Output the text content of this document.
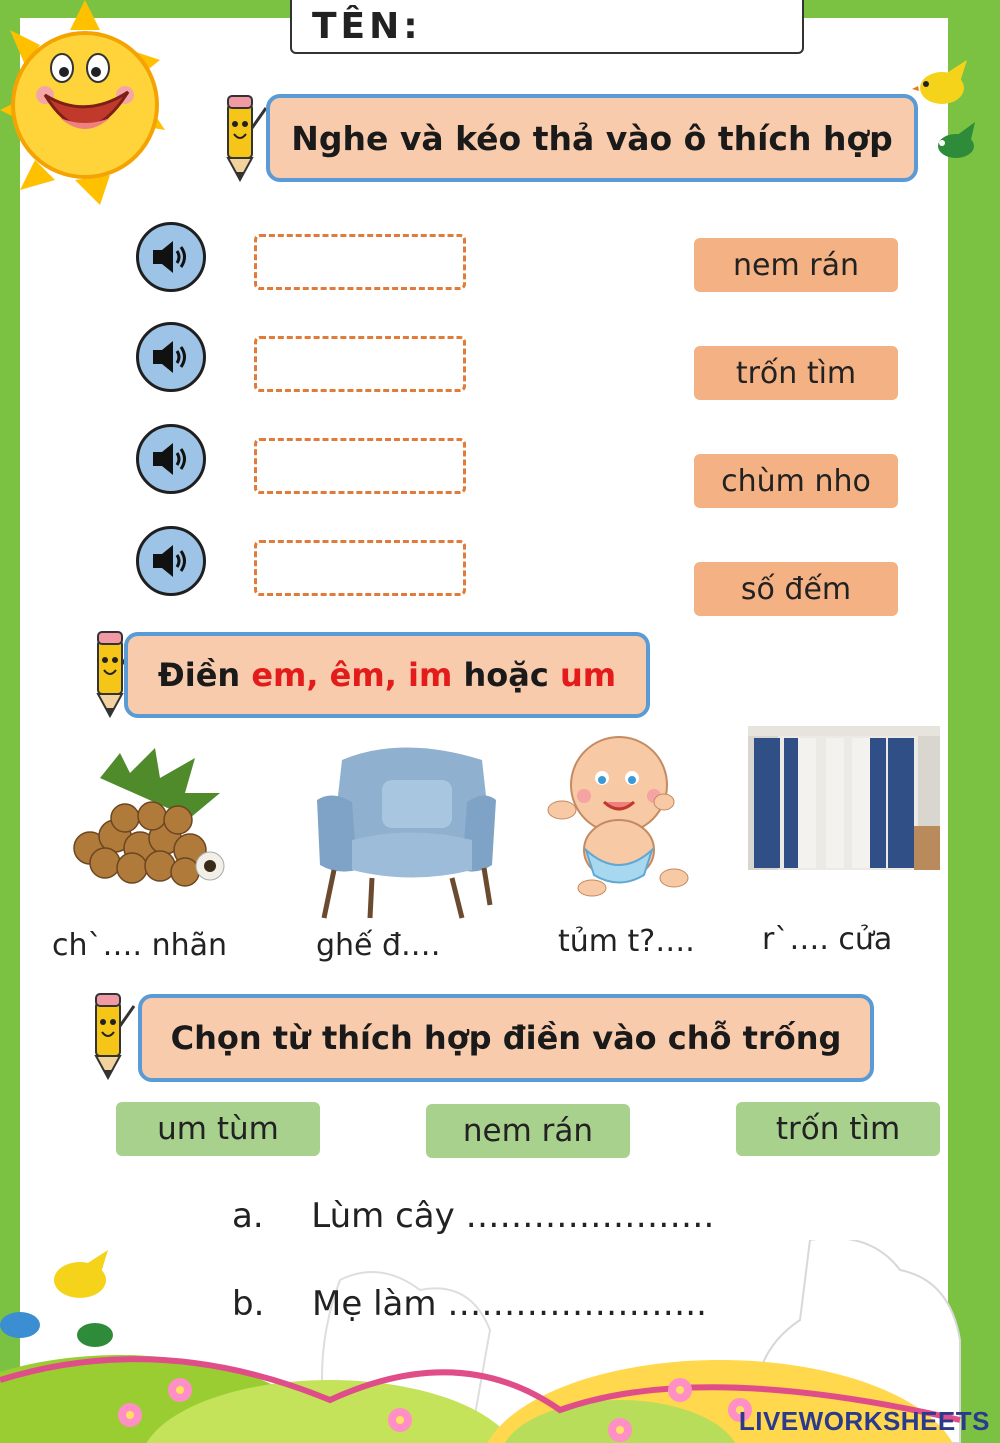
TÊN:
Nghe và kéo thả vào ô thích hợp
nem rán
trốn tìm
chùm nho
số đếm
Điền em, êm, im hoặc um
ch`…. nhãn	ghế đ.…	tủm t?…. r`…. cửa
Chọn từ thích hợp điền vào chỗ trống
um tùm	nem rán	trốn tìm
a. Lùm cây ………………….
b. Mẹ làm …………………..
LIVEWORKSHEETS
